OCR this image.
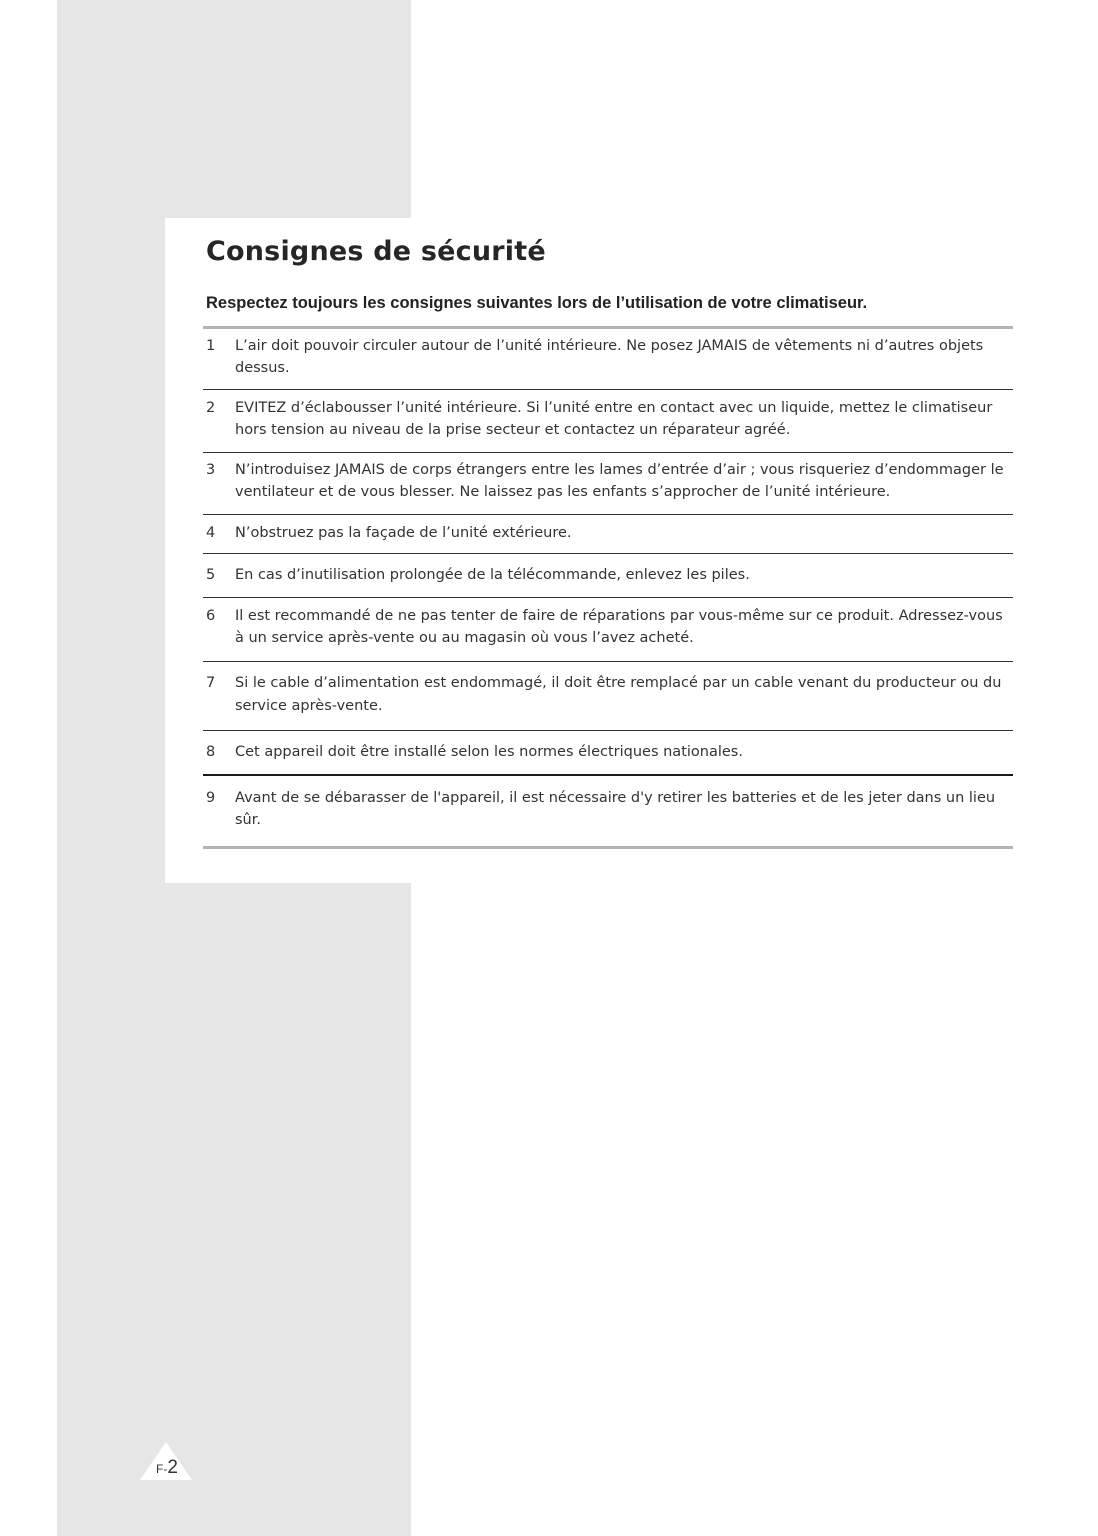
Consignes de sécurité

Respectez toujours les consignes suivantes lors de l’utilisation de votre climatiseur.

1 L’air doit pouvoir circuler autour de l’unité intérieure. Ne posez JAMAIS de vêtements ni d’autres objets dessus.

2 EVITEZ d’éclabousser l’unité intérieure. Si l’unité entre en contact avec un liquide, mettez le climatiseur hors tension au niveau de la prise secteur et contactez un réparateur agréé.

3 N’introduisez JAMAIS de corps étrangers entre les lames d’entrée d’air ; vous risqueriez d’endommager le ventilateur et de vous blesser. Ne laissez pas les enfants s’approcher de l’unité intérieure.

4 N’obstruez pas la façade de l’unité extérieure.

5 En cas d’inutilisation prolongée de la télécommande, enlevez les piles.

6 Il est recommandé de ne pas tenter de faire de réparations par vous-même sur ce produit. Adressez-vous à un service après-vente ou au magasin où vous l’avez acheté.

7 Si le cable d’alimentation est endommagé, il doit être remplacé par un cable venant du producteur ou du service après-vente.

8 Cet appareil doit être installé selon les normes électriques nationales.

9 Avant de se débarasser de l'appareil, il est nécessaire d'y retirer les batteries et de les jeter dans un lieu sûr.

F-2
